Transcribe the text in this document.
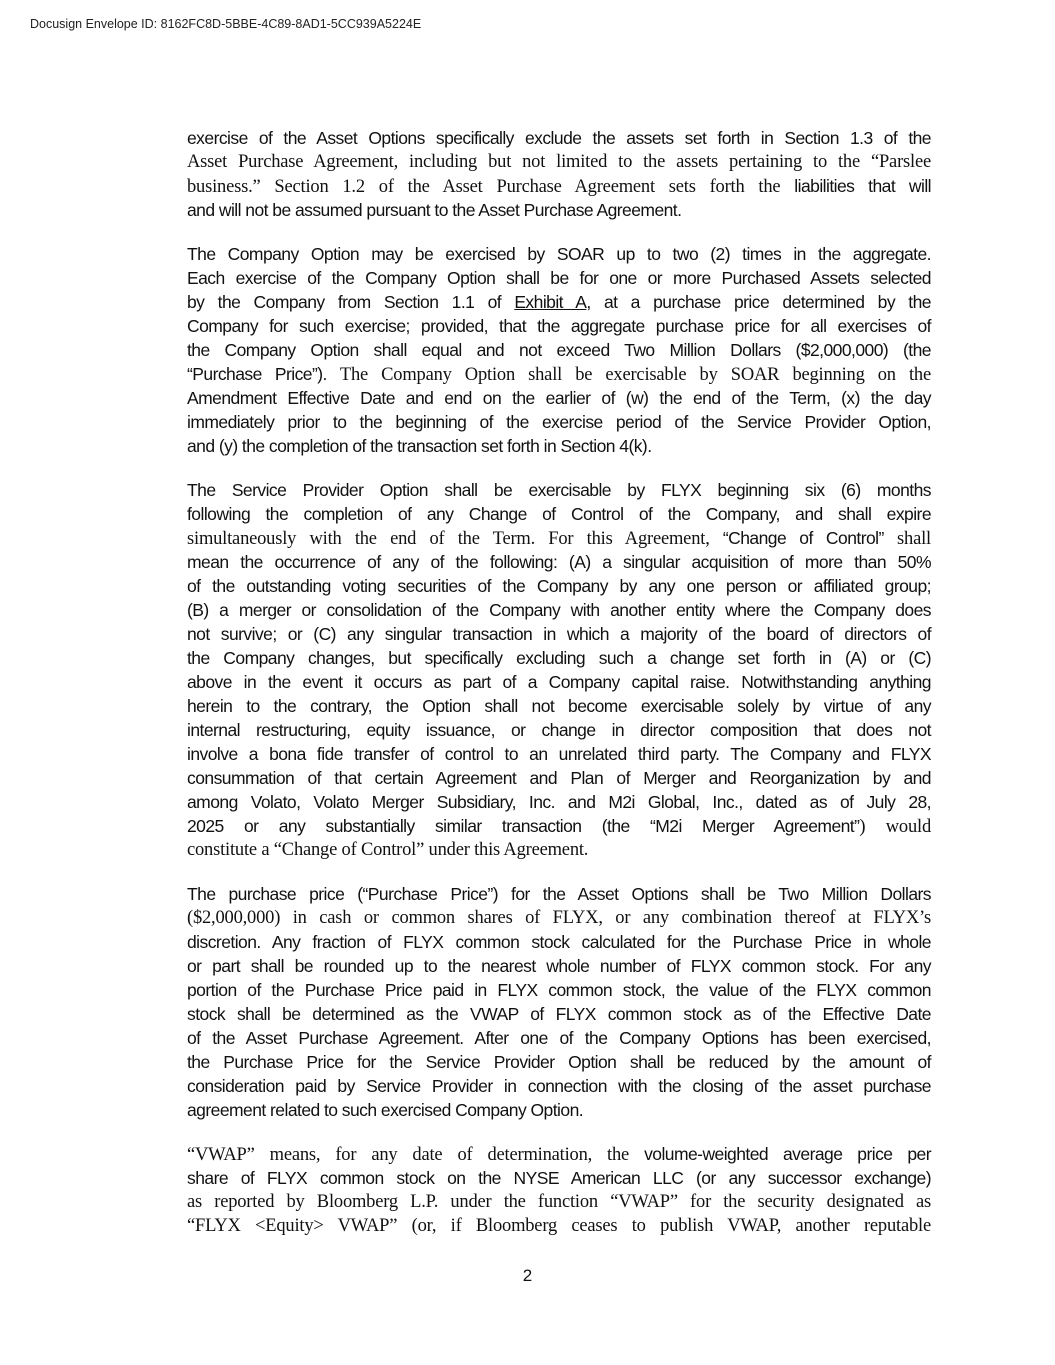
Docusign Envelope ID: 8162FC8D-5BBE-4C89-8AD1-5CC939A5224E
exercise of the Asset Options specifically exclude the assets set forth in Section 1.3 of the
Asset Purchase Agreement, including but not limited to the assets pertaining to the “Parslee
business.” Section 1.2 of the Asset Purchase Agreement sets forth the liabilities that will
and will not be assumed pursuant to the Asset Purchase Agreement.
The Company Option may be exercised by SOAR up to two (2) times in the aggregate.
Each exercise of the Company Option shall be for one or more Purchased Assets selected
by the Company from Section 1.1 of Exhibit A, at a purchase price determined by the
Company for such exercise; provided, that the aggregate purchase price for all exercises of
the Company Option shall equal and not exceed Two Million Dollars ($2,000,000) (the
“Purchase Price”). The Company Option shall be exercisable by SOAR beginning on the
Amendment Effective Date and end on the earlier of (w) the end of the Term, (x) the day
immediately prior to the beginning of the exercise period of the Service Provider Option,
and (y) the completion of the transaction set forth in Section 4(k).
The Service Provider Option shall be exercisable by FLYX beginning six (6) months
following the completion of any Change of Control of the Company, and shall expire
simultaneously with the end of the Term. For this Agreement, “Change of Control” shall
mean the occurrence of any of the following: (A) a singular acquisition of more than 50%
of the outstanding voting securities of the Company by any one person or affiliated group;
(B) a merger or consolidation of the Company with another entity where the Company does
not survive; or (C) any singular transaction in which a majority of the board of directors of
the Company changes, but specifically excluding such a change set forth in (A) or (C)
above in the event it occurs as part of a Company capital raise. Notwithstanding anything
herein to the contrary, the Option shall not become exercisable solely by virtue of any
internal restructuring, equity issuance, or change in director composition that does not
involve a bona fide transfer of control to an unrelated third party. The Company and FLYX
consummation of that certain Agreement and Plan of Merger and Reorganization by and
among Volato, Volato Merger Subsidiary, Inc. and M2i Global, Inc., dated as of July 28,
2025 or any substantially similar transaction (the “M2i Merger Agreement”) would
constitute a “Change of Control” under this Agreement.
The purchase price (“Purchase Price”) for the Asset Options shall be Two Million Dollars
($2,000,000) in cash or common shares of FLYX, or any combination thereof at FLYX’s
discretion. Any fraction of FLYX common stock calculated for the Purchase Price in whole
or part shall be rounded up to the nearest whole number of FLYX common stock. For any
portion of the Purchase Price paid in FLYX common stock, the value of the FLYX common
stock shall be determined as the VWAP of FLYX common stock as of the Effective Date
of the Asset Purchase Agreement. After one of the Company Options has been exercised,
the Purchase Price for the Service Provider Option shall be reduced by the amount of
consideration paid by Service Provider in connection with the closing of the asset purchase
agreement related to such exercised Company Option.
“VWAP” means, for any date of determination, the volume-weighted average price per
share of FLYX common stock on the NYSE American LLC (or any successor exchange)
as reported by Bloomberg L.P. under the function “VWAP” for the security designated as
“FLYX <Equity> VWAP” (or, if Bloomberg ceases to publish VWAP, another reputable
2
